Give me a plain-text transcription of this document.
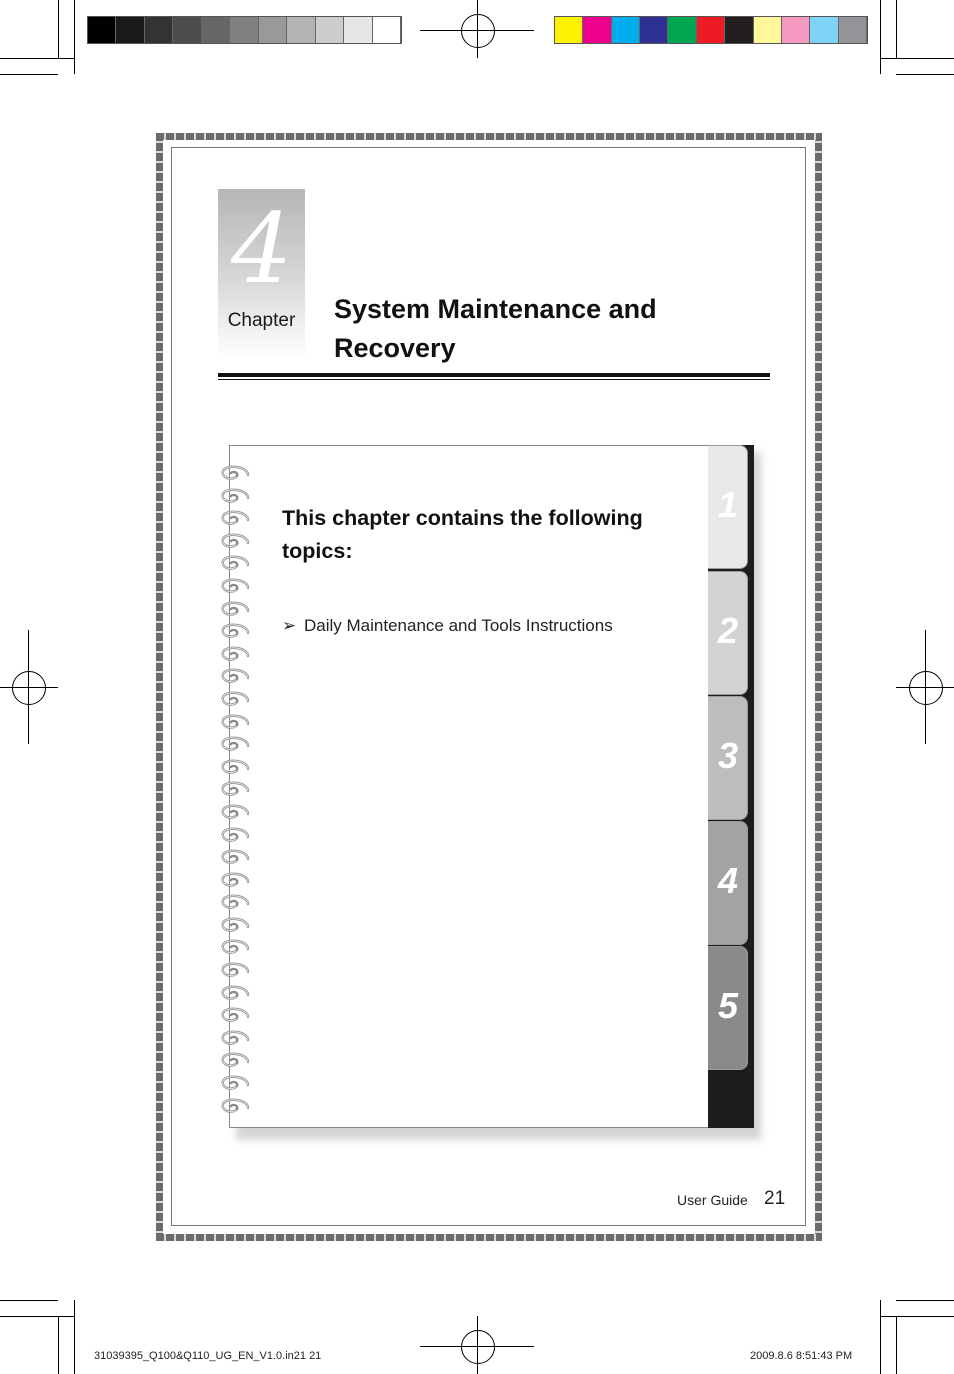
4
Chapter	System Maintenance and
Recovery
1
2
3
4
5
This chapter contains the following topics:
➢ Daily Maintenance and Tools Instructions
User Guide 21
31039395_Q100&Q110_UG_EN_V1.0.in21 21	2009.8.6 8:51:43 PM
